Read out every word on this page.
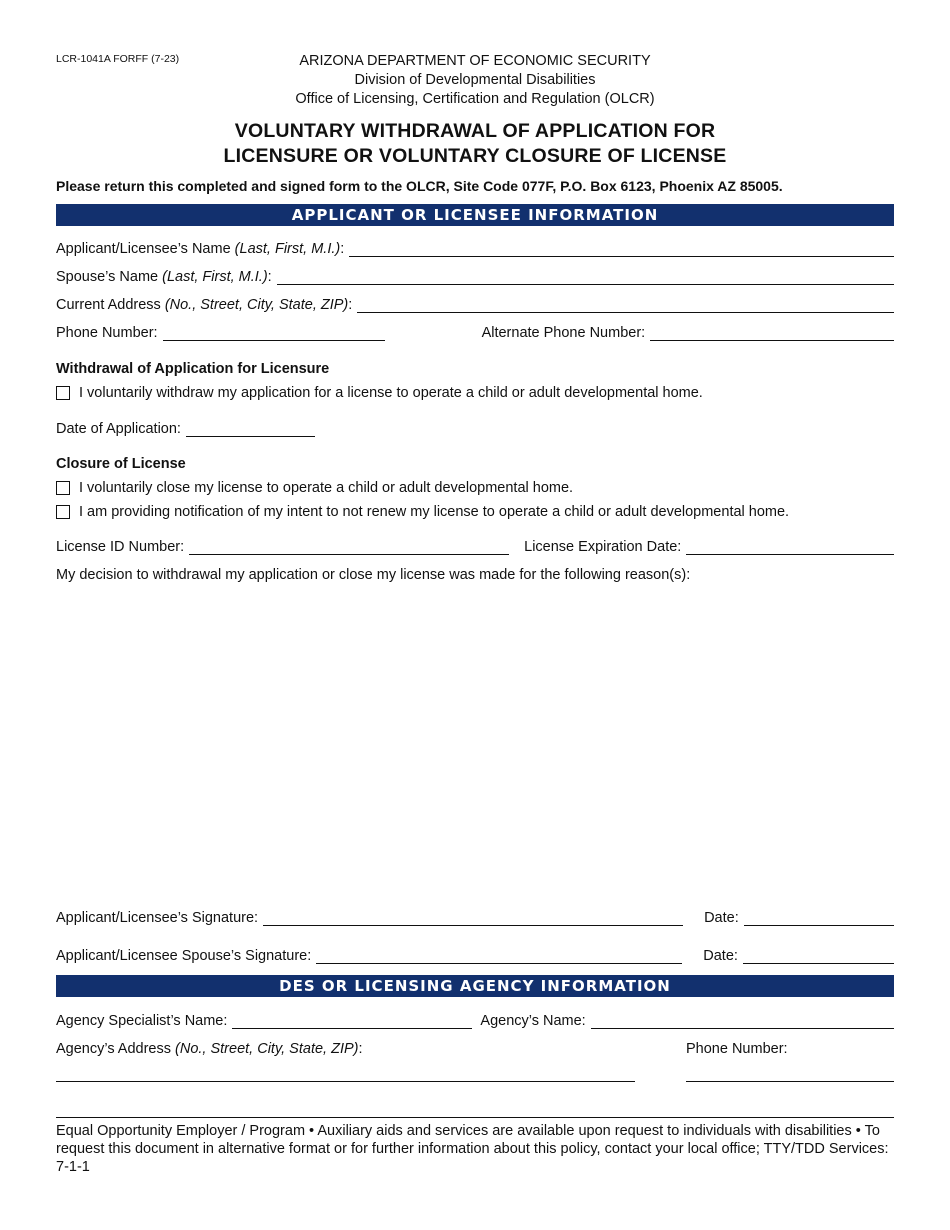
LCR-1041A FORFF (7-23)	ARIZONA DEPARTMENT OF ECONOMIC SECURITY
Division of Developmental Disabilities
Office of Licensing, Certification and Regulation (OLCR)
VOLUNTARY WITHDRAWAL OF APPLICATION FOR
LICENSURE OR VOLUNTARY CLOSURE OF LICENSE
Please return this completed and signed form to the OLCR, Site Code 077F, P.O. Box 6123, Phoenix AZ 85005.
APPLICANT OR LICENSEE INFORMATION
Applicant/Licensee’s Name (Last, First, M.I.):
Spouse’s Name (Last, First, M.I.):
Current Address (No., Street, City, State, ZIP):
Phone Number:	Alternate Phone Number:
Withdrawal of Application for Licensure
I voluntarily withdraw my application for a license to operate a child or adult developmental home.
Date of Application:
Closure of License
I voluntarily close my license to operate a child or adult developmental home.
I am providing notification of my intent to not renew my license to operate a child or adult developmental home.
License ID Number:	License Expiration Date:
My decision to withdrawal my application or close my license was made for the following reason(s):
Applicant/Licensee’s Signature:	Date:
Applicant/Licensee Spouse’s Signature:	Date:
DES OR LICENSING AGENCY INFORMATION
Agency Specialist’s Name:	Agency’s Name:
Agency’s Address (No., Street, City, State, ZIP):	Phone Number:
Equal Opportunity Employer / Program • Auxiliary aids and services are available upon request to individuals with disabilities • To request this document in alternative format or for further information about this policy, contact your local office; TTY/TDD Services: 7-1-1
